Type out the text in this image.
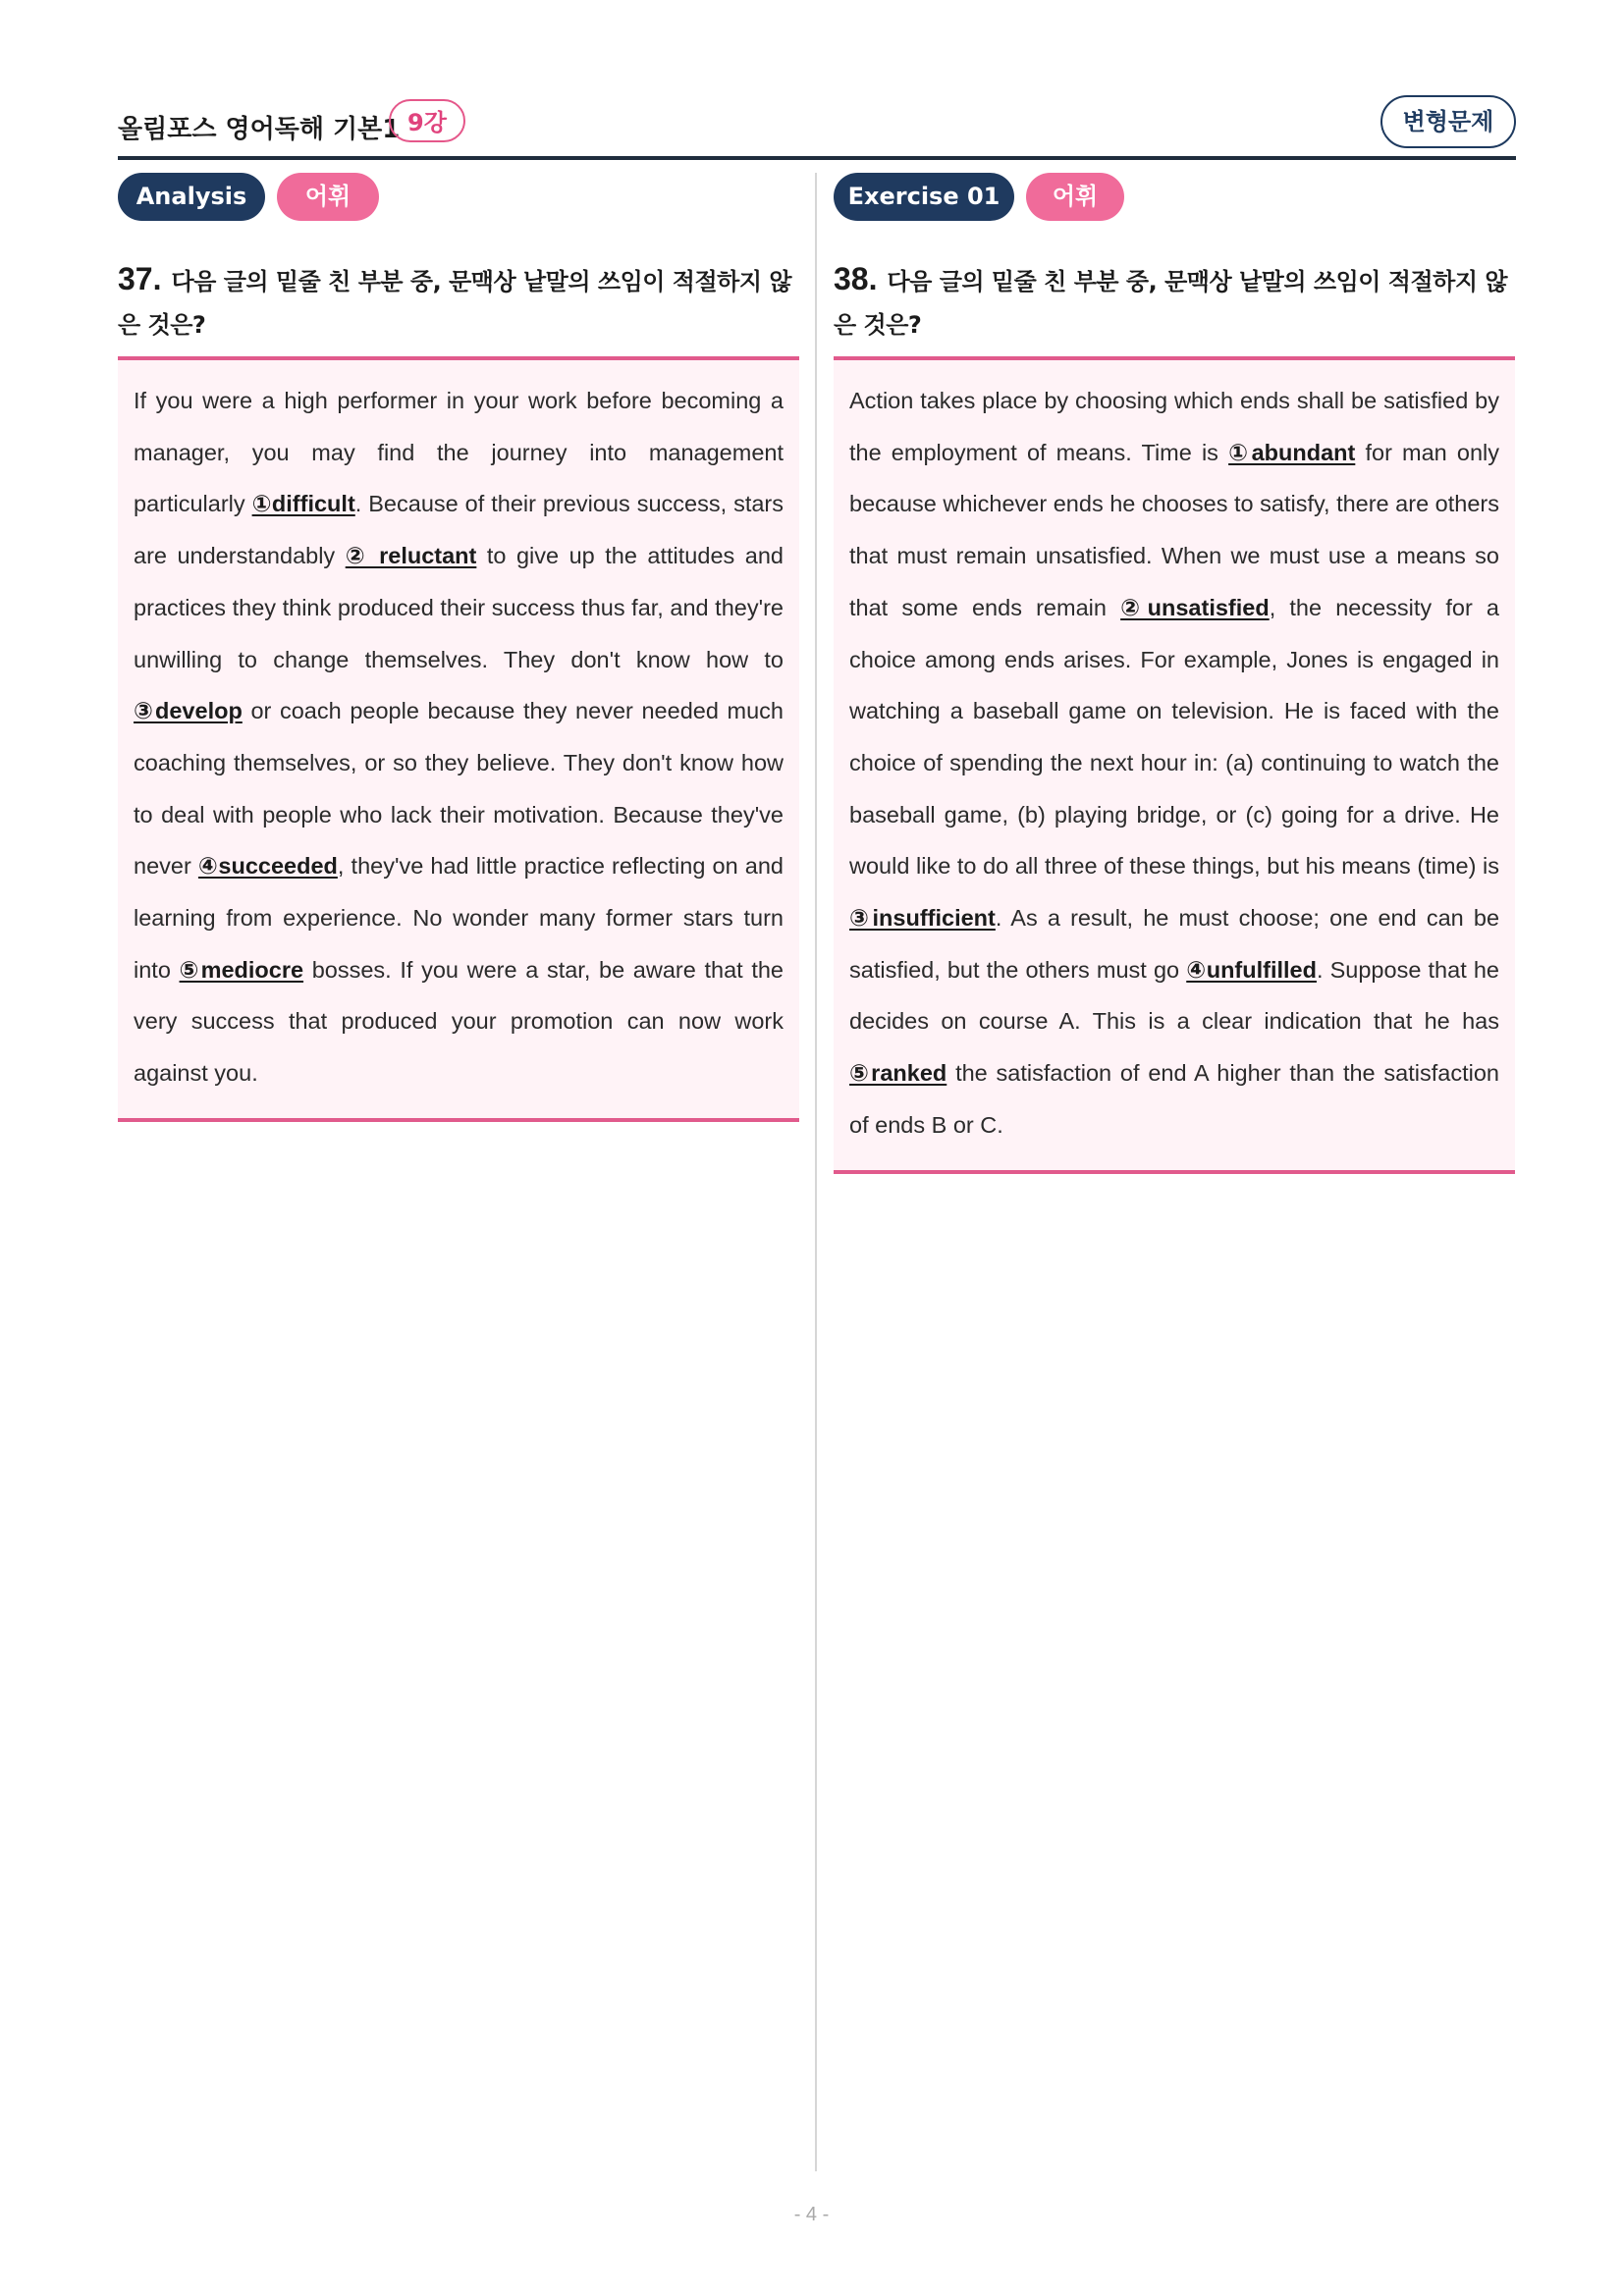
올림포스 영어독해 기본1 9강	변형문제
Analysis	어휘
37. 다음 글의 밑줄 친 부분 중, 문맥상 낱말의 쓰임이 적절하지 않은 것은?

If you were a high performer in your work before becoming a manager, you may find the journey into management particularly ①difficult. Because of their previous success, stars are understandably ② reluctant to give up the attitudes and practices they think produced their success thus far, and they're unwilling to change themselves. They don't know how to ③develop or coach people because they never needed much coaching themselves, or so they believe. They don't know how to deal with people who lack their motivation. Because they've never ④succeeded, they've had little practice reflecting on and learning from experience. No wonder many former stars turn into ⑤mediocre bosses. If you were a star, be aware that the very success that produced your promotion can now work against you.

Exercise 01	어휘
38. 다음 글의 밑줄 친 부분 중, 문맥상 낱말의 쓰임이 적절하지 않은 것은?

Action takes place by choosing which ends shall be satisfied by the employment of means. Time is ①abundant for man only because whichever ends he chooses to satisfy, there are others that must remain unsatisfied. When we must use a means so that some ends remain ②unsatisfied, the necessity for a choice among ends arises. For example, Jones is engaged in watching a baseball game on television. He is faced with the choice of spending the next hour in: (a) continuing to watch the baseball game, (b) playing bridge, or (c) going for a drive. He would like to do all three of these things, but his means (time) is ③insufficient. As a result, he must choose; one end can be satisfied, but the others must go ④unfulfilled. Suppose that he decides on course A. This is a clear indication that he has ⑤ranked the satisfaction of end A higher than the satisfaction of ends B or C.

- 4 -
